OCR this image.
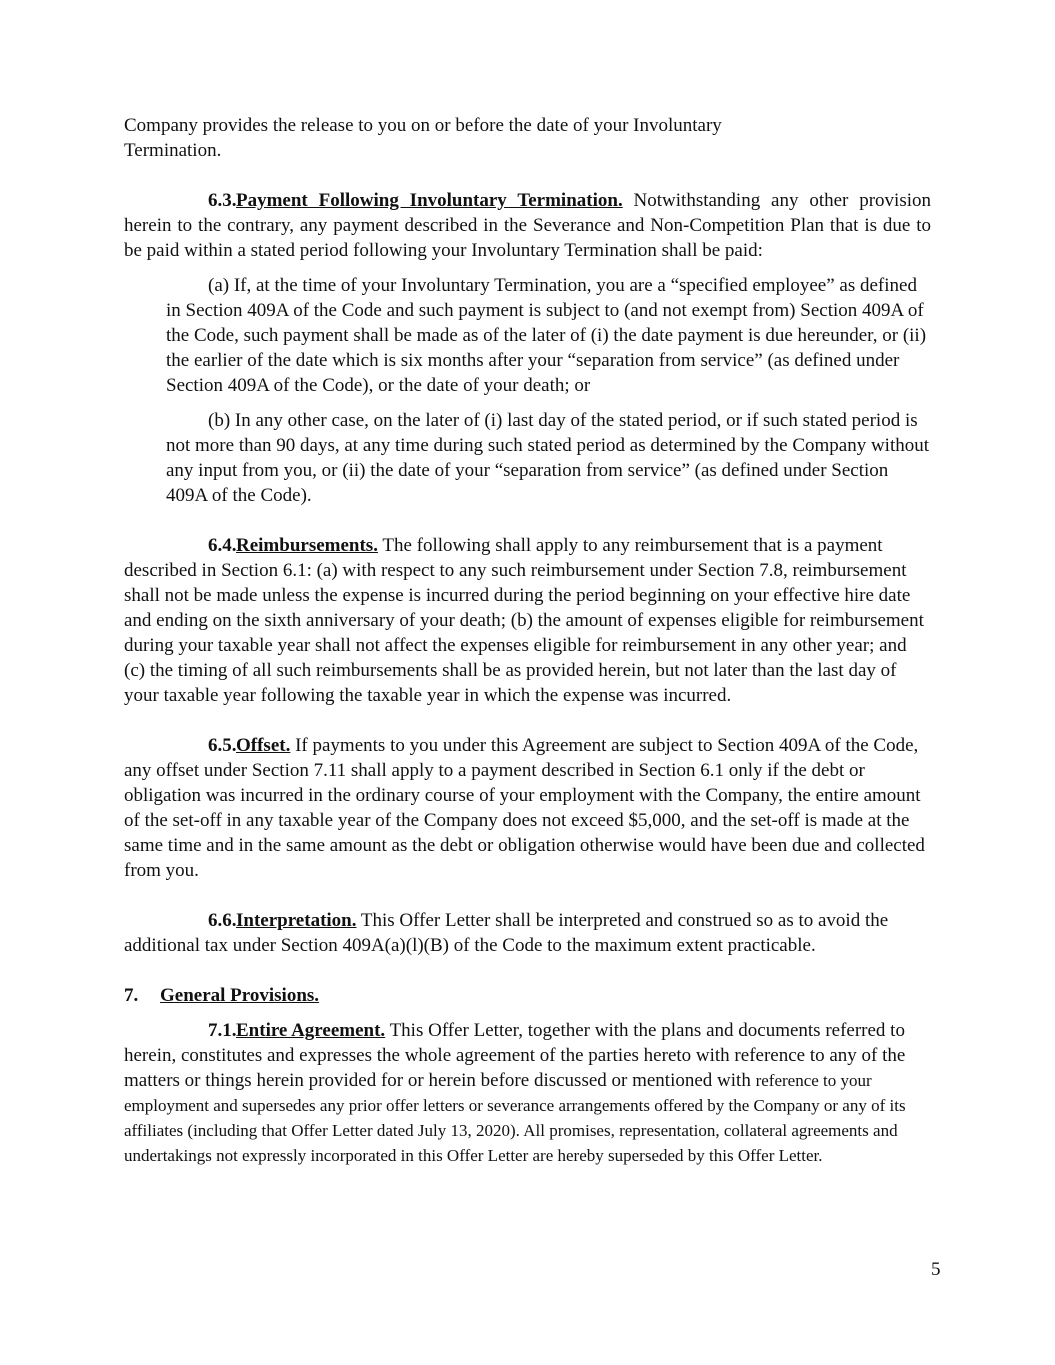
Company provides the release to you on or before the date of your Involuntary Termination.

6.3.Payment Following Involuntary Termination. Notwithstanding any other provision herein to the contrary, any payment described in the Severance and Non-Competition Plan that is due to be paid within a stated period following your Involuntary Termination shall be paid:

(a) If, at the time of your Involuntary Termination, you are a “specified employee” as defined in Section 409A of the Code and such payment is subject to (and not exempt from) Section 409A of the Code, such payment shall be made as of the later of (i) the date payment is due hereunder, or (ii) the earlier of the date which is six months after your “separation from service” (as defined under Section 409A of the Code), or the date of your death; or

(b) In any other case, on the later of (i) last day of the stated period, or if such stated period is not more than 90 days, at any time during such stated period as determined by the Company without any input from you, or (ii) the date of your “separation from service” (as defined under Section 409A of the Code).

6.4.Reimbursements. The following shall apply to any reimbursement that is a payment described in Section 6.1: (a) with respect to any such reimbursement under Section 7.8, reimbursement shall not be made unless the expense is incurred during the period beginning on your effective hire date and ending on the sixth anniversary of your death; (b) the amount of expenses eligible for reimbursement during your taxable year shall not affect the expenses eligible for reimbursement in any other year; and (c) the timing of all such reimbursements shall be as provided herein, but not later than the last day of your taxable year following the taxable year in which the expense was incurred.

6.5.Offset. If payments to you under this Agreement are subject to Section 409A of the Code, any offset under Section 7.11 shall apply to a payment described in Section 6.1 only if the debt or obligation was incurred in the ordinary course of your employment with the Company, the entire amount of the set-off in any taxable year of the Company does not exceed $5,000, and the set-off is made at the same time and in the same amount as the debt or obligation otherwise would have been due and collected from you.

6.6.Interpretation. This Offer Letter shall be interpreted and construed so as to avoid the additional tax under Section 409A(a)(l)(B) of the Code to the maximum extent practicable.

7. General Provisions.

7.1.Entire Agreement. This Offer Letter, together with the plans and documents referred to herein, constitutes and expresses the whole agreement of the parties hereto with reference to any of the matters or things herein provided for or herein before discussed or mentioned with reference to your employment and supersedes any prior offer letters or severance arrangements offered by the Company or any of its affiliates (including that Offer Letter dated July 13, 2020). All promises, representation, collateral agreements and undertakings not expressly incorporated in this Offer Letter are hereby superseded by this Offer Letter.

5
